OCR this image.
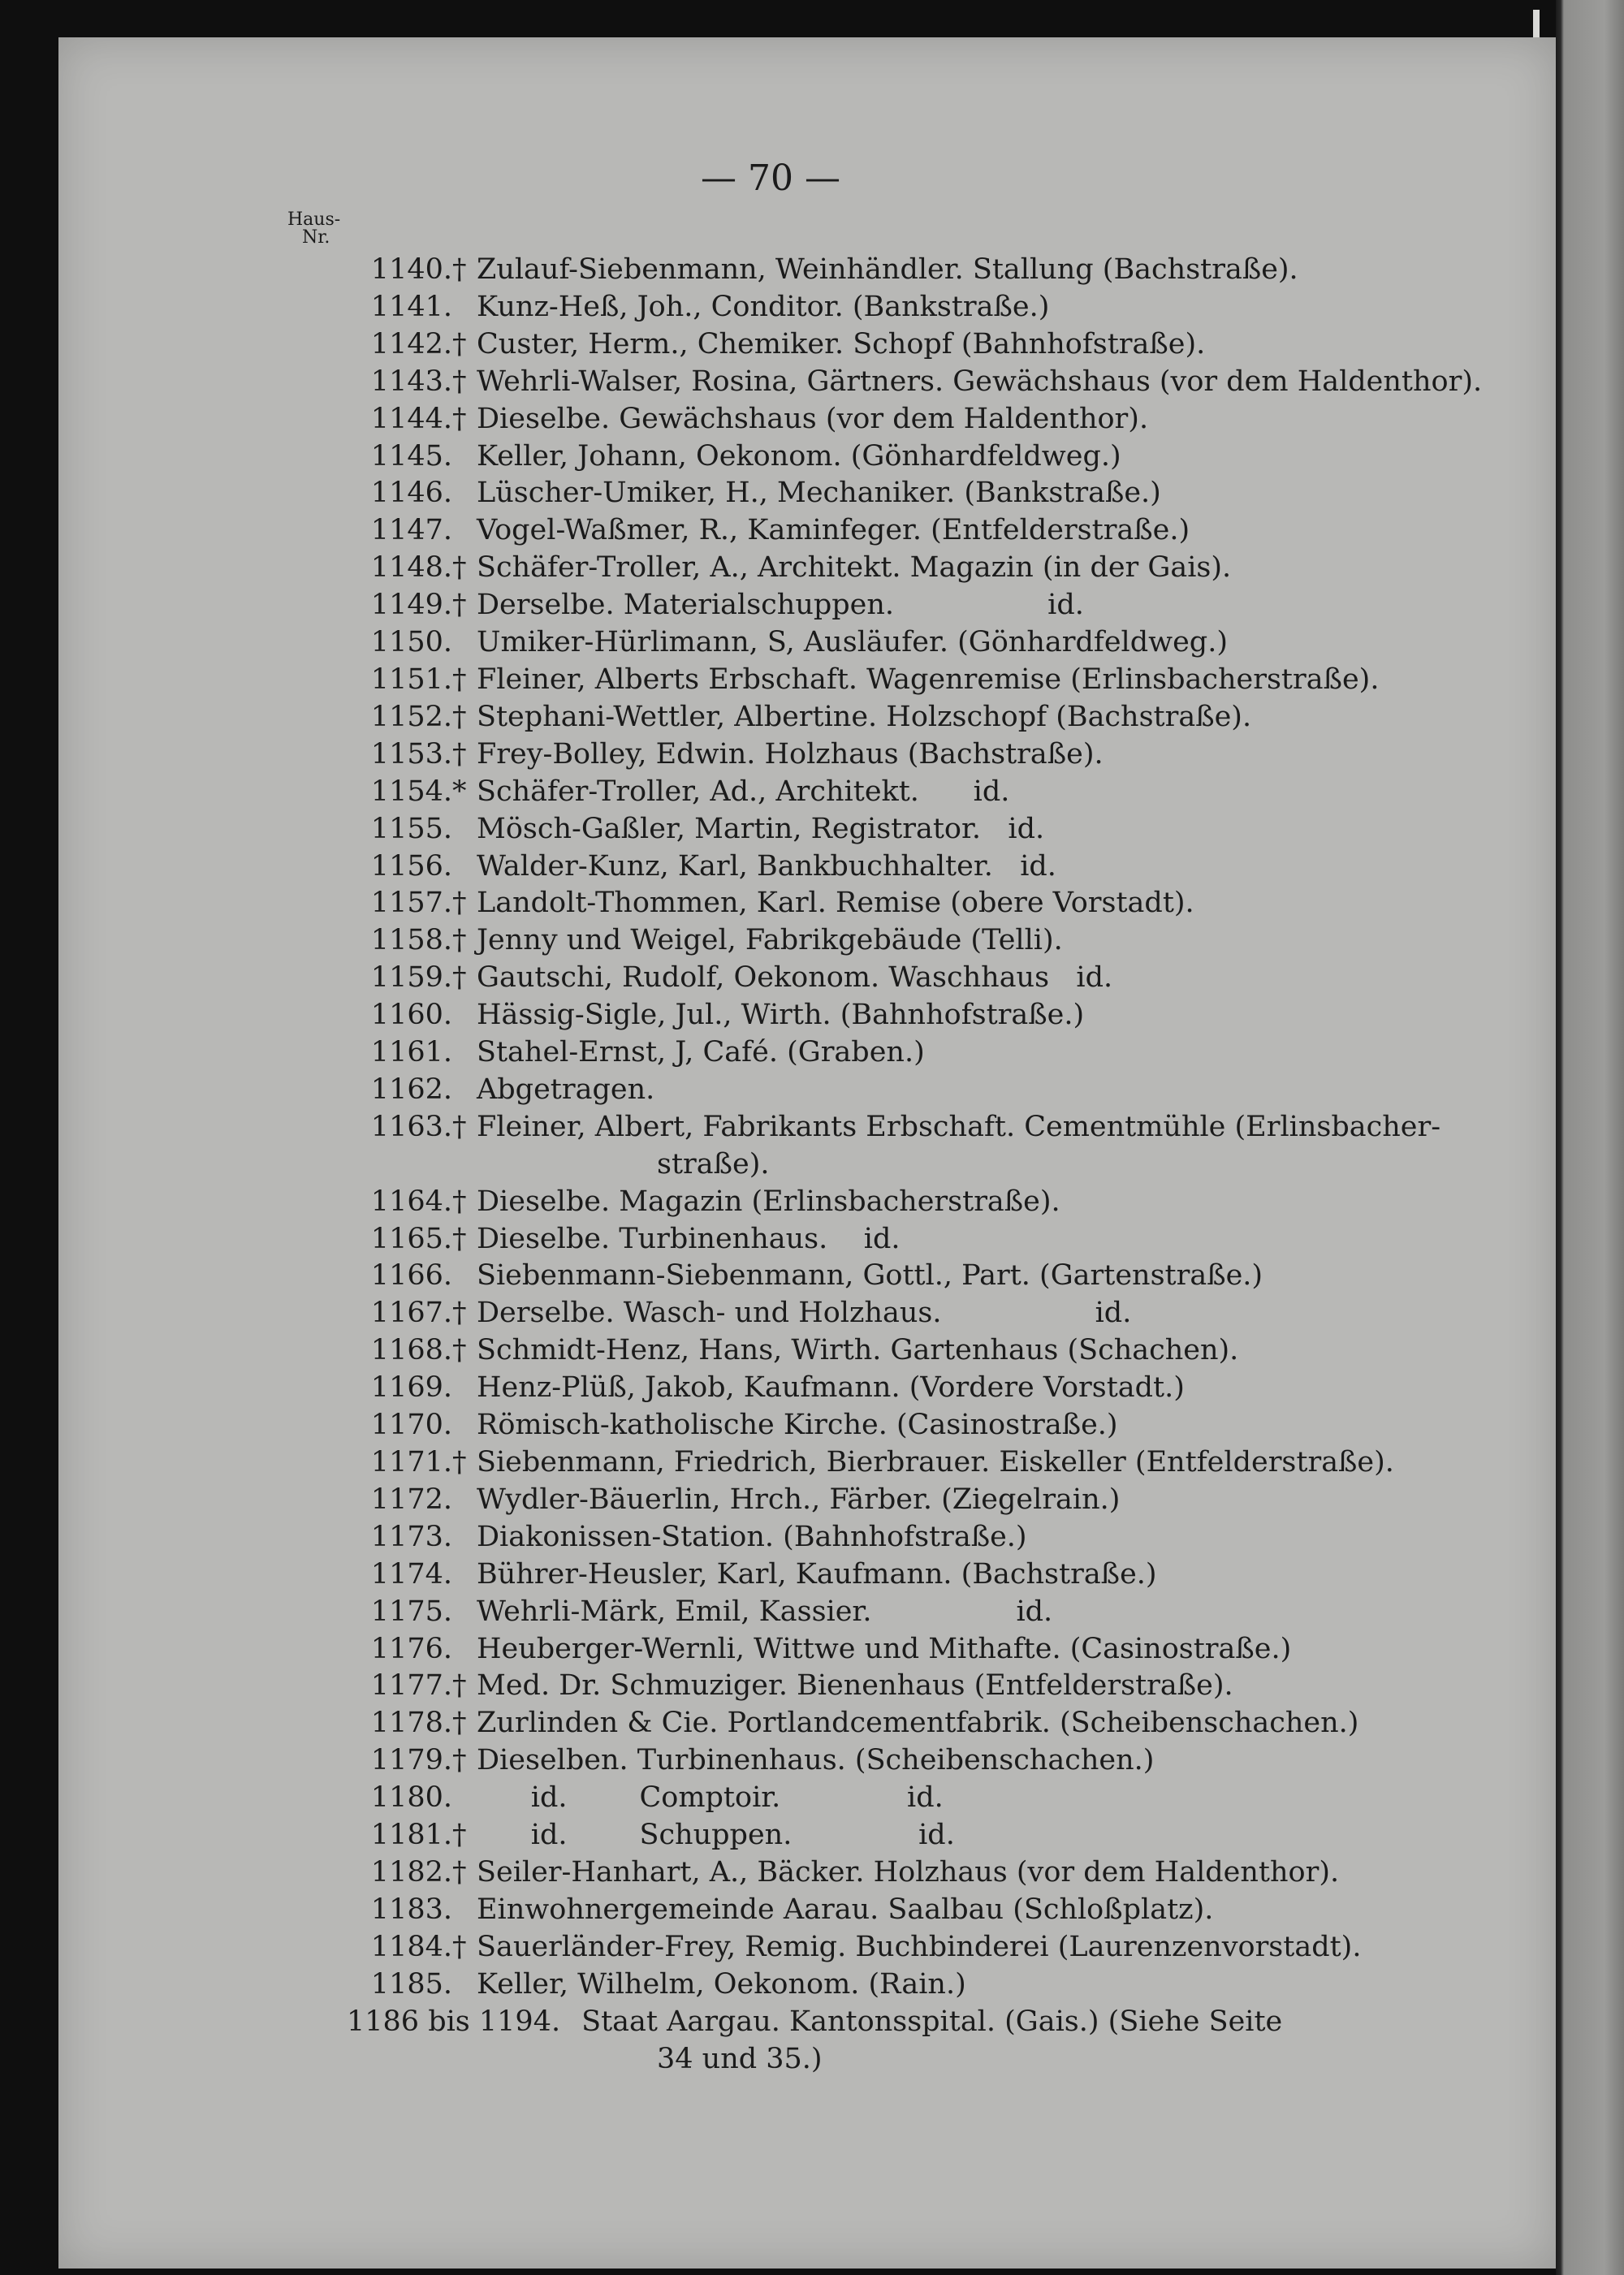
— 70 —
Haus-
Nr.
1140.† Zulauf-Siebenmann, Weinhändler. Stallung (Bachstraße).
1141. Kunz-Heß, Joh., Conditor. (Bankstraße.)
1142.† Custer, Herm., Chemiker. Schopf (Bahnhofstraße).
1143.† Wehrli-Walser, Rosina, Gärtners. Gewächshaus (vor dem Haldenthor).
1144.† Dieselbe. Gewächshaus (vor dem Haldenthor).
1145. Keller, Johann, Oekonom. (Gönhardfeldweg.)
1146. Lüscher-Umiker, H., Mechaniker. (Bankstraße.)
1147. Vogel-Waßmer, R., Kaminfeger. (Entfelderstraße.)
1148.† Schäfer-Troller, A., Architekt. Magazin (in der Gais).
1149.† Derselbe. Materialschuppen.                 id.
1150. Umiker-Hürlimann, S, Ausläufer. (Gönhardfeldweg.)
1151.† Fleiner, Alberts Erbschaft. Wagenremise (Erlinsbacherstraße).
1152.† Stephani-Wettler, Albertine. Holzschopf (Bachstraße).
1153.† Frey-Bolley, Edwin. Holzhaus (Bachstraße).
1154.* Schäfer-Troller, Ad., Architekt.      id.
1155. Mösch-Gaßler, Martin, Registrator.   id.
1156. Walder-Kunz, Karl, Bankbuchhalter.   id.
1157.† Landolt-Thommen, Karl. Remise (obere Vorstadt).
1158.† Jenny und Weigel, Fabrikgebäude (Telli).
1159.† Gautschi, Rudolf, Oekonom. Waschhaus   id.
1160. Hässig-Sigle, Jul., Wirth. (Bahnhofstraße.)
1161. Stahel-Ernst, J, Café. (Graben.)
1162. Abgetragen.
1163.† Fleiner, Albert, Fabrikants Erbschaft. Cementmühle (Erlinsbacher-
straße).
1164.† Dieselbe. Magazin (Erlinsbacherstraße).
1165.† Dieselbe. Turbinenhaus.    id.
1166. Siebenmann-Siebenmann, Gottl., Part. (Gartenstraße.)
1167.† Derselbe. Wasch- und Holzhaus.                 id.
1168.† Schmidt-Henz, Hans, Wirth. Gartenhaus (Schachen).
1169. Henz-Plüß, Jakob, Kaufmann. (Vordere Vorstadt.)
1170. Römisch-katholische Kirche. (Casinostraße.)
1171.† Siebenmann, Friedrich, Bierbrauer. Eiskeller (Entfelderstraße).
1172. Wydler-Bäuerlin, Hrch., Färber. (Ziegelrain.)
1173. Diakonissen-Station. (Bahnhofstraße.)
1174. Bührer-Heusler, Karl, Kaufmann. (Bachstraße.)
1175. Wehrli-Märk, Emil, Kassier.                id.
1176. Heuberger-Wernli, Wittwe und Mithafte. (Casinostraße.)
1177.† Med. Dr. Schmuziger. Bienenhaus (Entfelderstraße).
1178.† Zurlinden & Cie. Portlandcementfabrik. (Scheibenschachen.)
1179.† Dieselben. Turbinenhaus. (Scheibenschachen.)
1180.      id.        Comptoir.              id.
1181.†      id.        Schuppen.              id.
1182.† Seiler-Hanhart, A., Bäcker. Holzhaus (vor dem Haldenthor).
1183. Einwohnergemeinde Aarau. Saalbau (Schloßplatz).
1184.† Sauerländer-Frey, Remig. Buchbinderei (Laurenzenvorstadt).
1185. Keller, Wilhelm, Oekonom. (Rain.)
1186 bis 1194. Staat Aargau. Kantonsspital. (Gais.) (Siehe Seite
34 und 35.)
